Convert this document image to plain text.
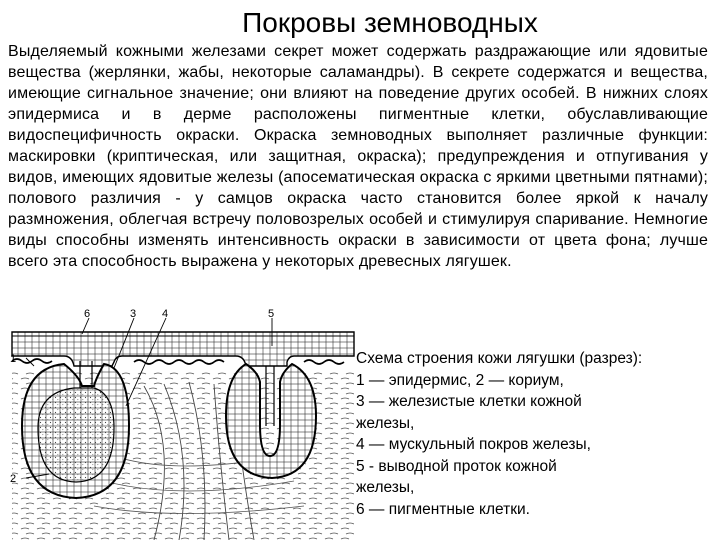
Покровы земноводных
Выделяемый кожными железами секрет может содержать раздражающие или ядовитые вещества (жерлянки, жабы, некоторые саламандры). В секрете содержатся и вещества, имеющие сигнальное значение; они влияют на поведение других особей. В нижних слоях эпидермиса и в дерме расположены пигментные клетки, обуславливающие видоспецифичность окраски. Окраска земноводных выполняет различные функции: маскировки (криптическая, или защитная, окраска); предупреждения и отпугивания у видов, имеющих ядовитые железы (апосематическая окраска с яркими цветными пятнами); полового различия - у самцов окраска часто становится более яркой к началу размножения, облегчая встречу половозрелых особей и стимулируя спаривание. Немногие виды способны изменять интенсивность окраски в зависимости от цвета фона; лучше всего эта способность выражена у некоторых древесных лягушек.
6	3 4	5
1
2
Схема строения кожи лягушки (разрез):
1 — эпидермис, 2 — кориум,
3 — железистые клетки кожной
железы,
4 — мускульный покров железы,
5 - выводной проток кожной
железы,
6 — пигментные клетки.
